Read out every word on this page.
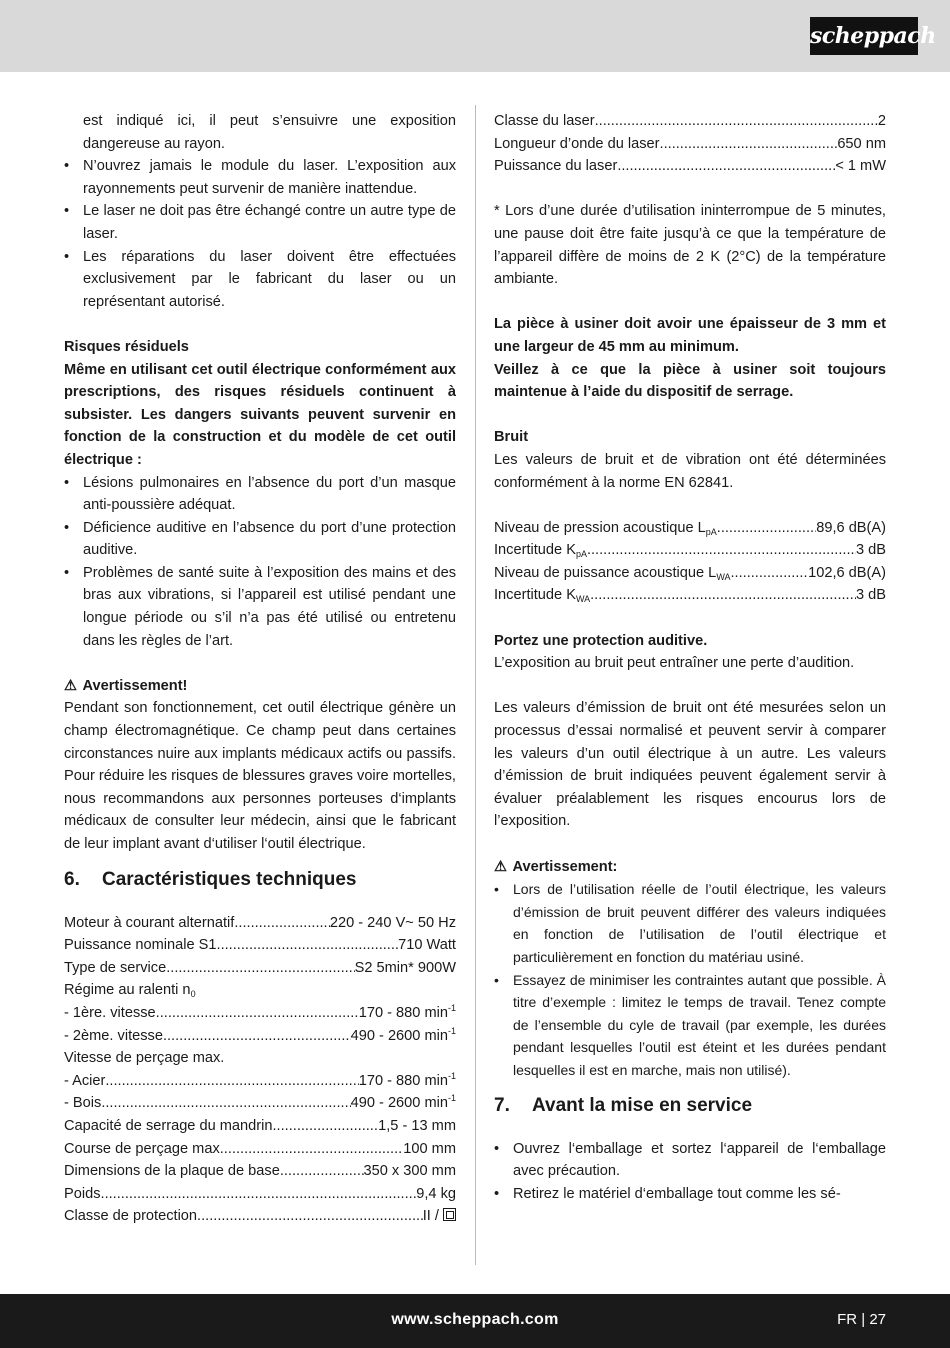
scheppach
est indiqué ici, il peut s’ensuivre une exposition dangereuse au rayon.
• N’ouvrez jamais le module du laser. L’exposition aux rayonnements peut survenir de manière inattendue.
• Le laser ne doit pas être échangé contre un autre type de laser.
• Les réparations du laser doivent être effectuées exclusivement par le fabricant du laser ou un représentant autorisé.
Risques résiduels
Même en utilisant cet outil électrique conformément aux prescriptions, des risques résiduels continuent à subsister. Les dangers suivants peuvent survenir en fonction de la construction et du modèle de cet outil électrique :
• Lésions pulmonaires en l’absence du port d’un masque anti-poussière adéquat.
• Déficience auditive en l’absence du port d’une protection auditive.
• Problèmes de santé suite à l’exposition des mains et des bras aux vibrations, si l’appareil est utilisé pendant une longue période ou s’il n’a pas été utilisé ou entretenu dans les règles de l’art.
⚠ Avertissement!
Pendant son fonctionnement, cet outil électrique génère un champ électromagnétique. Ce champ peut dans certaines circonstances nuire aux implants médicaux actifs ou passifs. Pour réduire les risques de blessures graves voire mortelles, nous recommandons aux personnes porteuses d‘implants médicaux de consulter leur médecin, ainsi que le fabricant de leur implant avant d‘utiliser l‘outil électrique.
6.	Caractéristiques techniques
Moteur à courant alternatif .....	220 - 240 V~ 50 Hz
Puissance nominale S1 .....	710 Watt
Type de service .....	S2 5min* 900W
Régime au ralenti $n_0$
- 1ère. vitesse .....	170 - 880 $\min^{-1}$
- 2ème. vitesse .....	490 - 2600 $\min^{-1}$
Vitesse de perçage max.
- Acier .....	170 - 880 $\min^{-1}$
- Bois .....	490 - 2600 $\min^{-1}$
Capacité de serrage du mandrin .....	1,5 - 13 mm
Course de perçage max .....	100 mm
Dimensions de la plaque de base .....	350 x 300 mm
Poids .....	9,4 kg
Classe de protection .....	II /
Classe du laser .....	2
Longueur d’onde du laser .....	650 nm
Puissance du laser .....	< 1 mW
* Lors d’une durée d’utilisation ininterrompue de 5 minutes, une pause doit être faite jusqu’à ce que la température de l’appareil diffère de moins de 2 K (2°C) de la température ambiante.
La pièce à usiner doit avoir une épaisseur de 3 mm et une largeur de 45 mm au minimum.
Veillez à ce que la pièce à usiner soit toujours maintenue à l’aide du dispositif de serrage.
Bruit
Les valeurs de bruit et de vibration ont été déterminées conformément à la norme EN 62841.
Niveau de pression acoustique $L_{pA}$ .....	89,6 dB(A)
Incertitude $K_{pA}$ .....	3 dB
Niveau de puissance acoustique $L_{WA}$ .....	102,6 dB(A)
Incertitude $K_{WA}$ .....	3 dB
Portez une protection auditive.
L’exposition au bruit peut entraîner une perte d’audition.
Les valeurs d’émission de bruit ont été mesurées selon un processus d’essai normalisé et peuvent servir à comparer les valeurs d’un outil électrique à un autre. Les valeurs d’émission de bruit indiquées peuvent également servir à évaluer préalablement les risques encourus lors de l’exposition.
⚠ Avertissement:
• Lors de l’utilisation réelle de l’outil électrique, les valeurs d’émission de bruit peuvent différer des valeurs indiquées en fonction de l’utilisation de l’outil électrique et particulièrement en fonction du matériau usiné.
• Essayez de minimiser les contraintes autant que possible. À titre d’exemple : limitez le temps de travail. Tenez compte de l’ensemble du cyle de travail (par exemple, les durées pendant lesquelles l’outil est éteint et les durées pendant lesquelles il est en marche, mais non utilisé).
7.	Avant la mise en service
• Ouvrez l‘emballage et sortez l‘appareil de l‘emballage avec précaution.
• Retirez le matériel d‘emballage tout comme les sé-
www.scheppach.com	FR | 27
